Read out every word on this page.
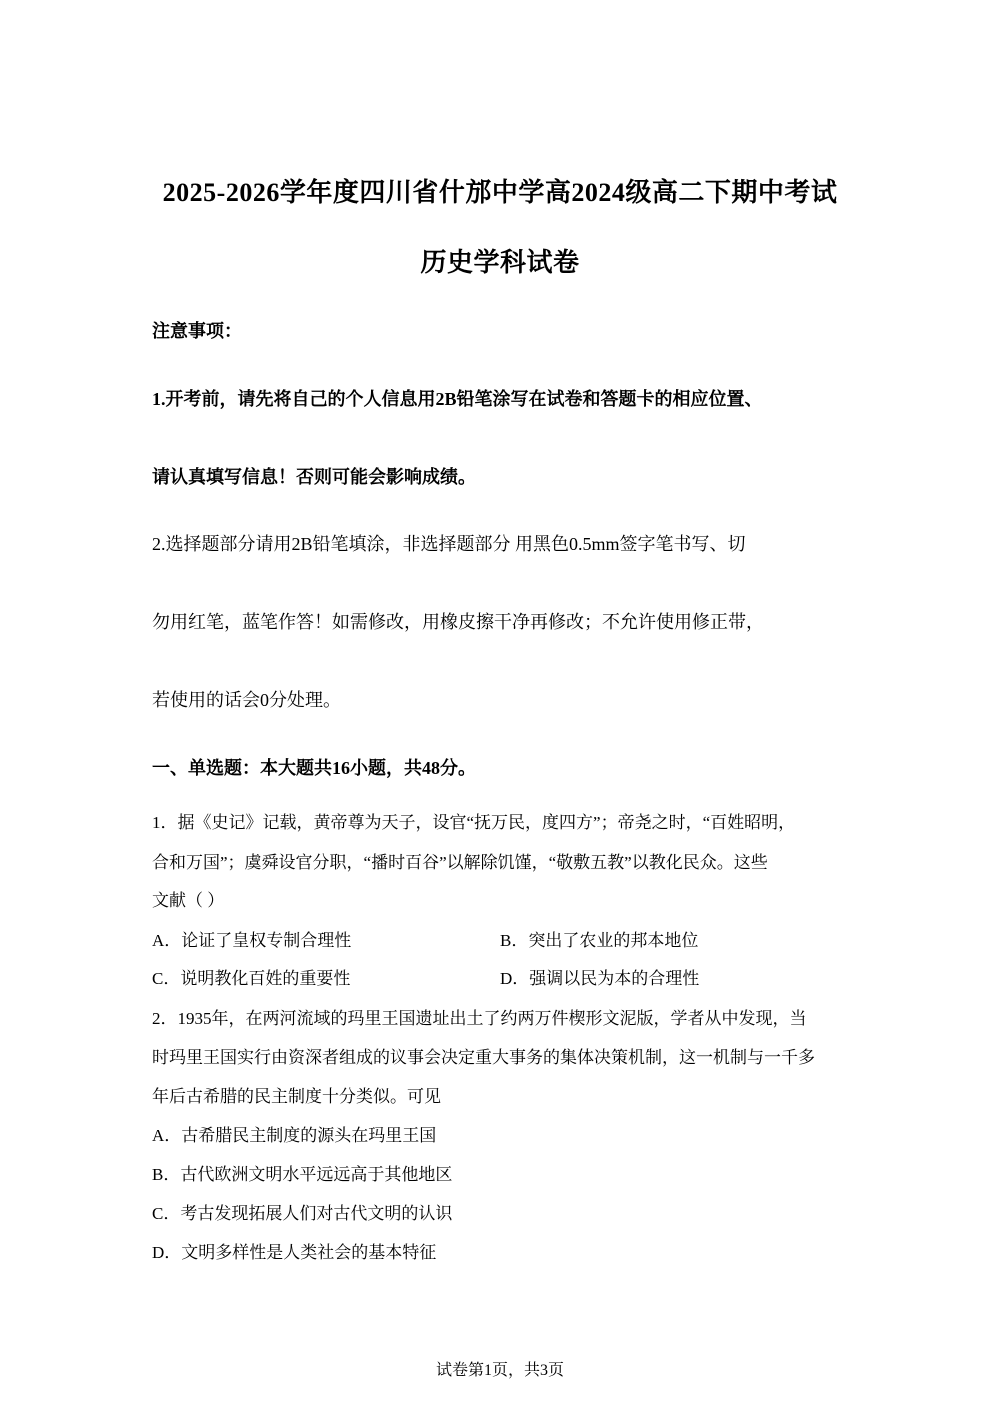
2025-2026学年度四川省什邡中学高2024级高二下期中考试
历史学科试卷
注意事项：
1.开考前，请先将自己的个人信息用2B铅笔涂写在试卷和答题卡的相应位置、
请认真填写信息！否则可能会影响成绩。
2.选择题部分请用2B铅笔填涂，非选择题部分 用黑色0.5mm签字笔书写、切
勿用红笔，蓝笔作答！如需修改，用橡皮擦干净再修改；不允许使用修正带，
若使用的话会0分处理。
一、单选题：本大题共16小题，共48分。
1．据《史记》记载，黄帝尊为天子，设官“抚万民，度四方”；帝尧之时，“百姓昭明，
合和万国”；虞舜设官分职，“播时百谷”以解除饥馑，“敬敷五教”以教化民众。这些
文献（ ）
A．论证了皇权专制合理性	B．突出了农业的邦本地位
C．说明教化百姓的重要性	D．强调以民为本的合理性
2．1935年，在两河流域的玛里王国遗址出土了约两万件楔形文泥版，学者从中发现，当
时玛里王国实行由资深者组成的议事会决定重大事务的集体决策机制，这一机制与一千多
年后古希腊的民主制度十分类似。可见
A．古希腊民主制度的源头在玛里王国
B．古代欧洲文明水平远远高于其他地区
C．考古发现拓展人们对古代文明的认识
D．文明多样性是人类社会的基本特征
试卷第1页，共3页
